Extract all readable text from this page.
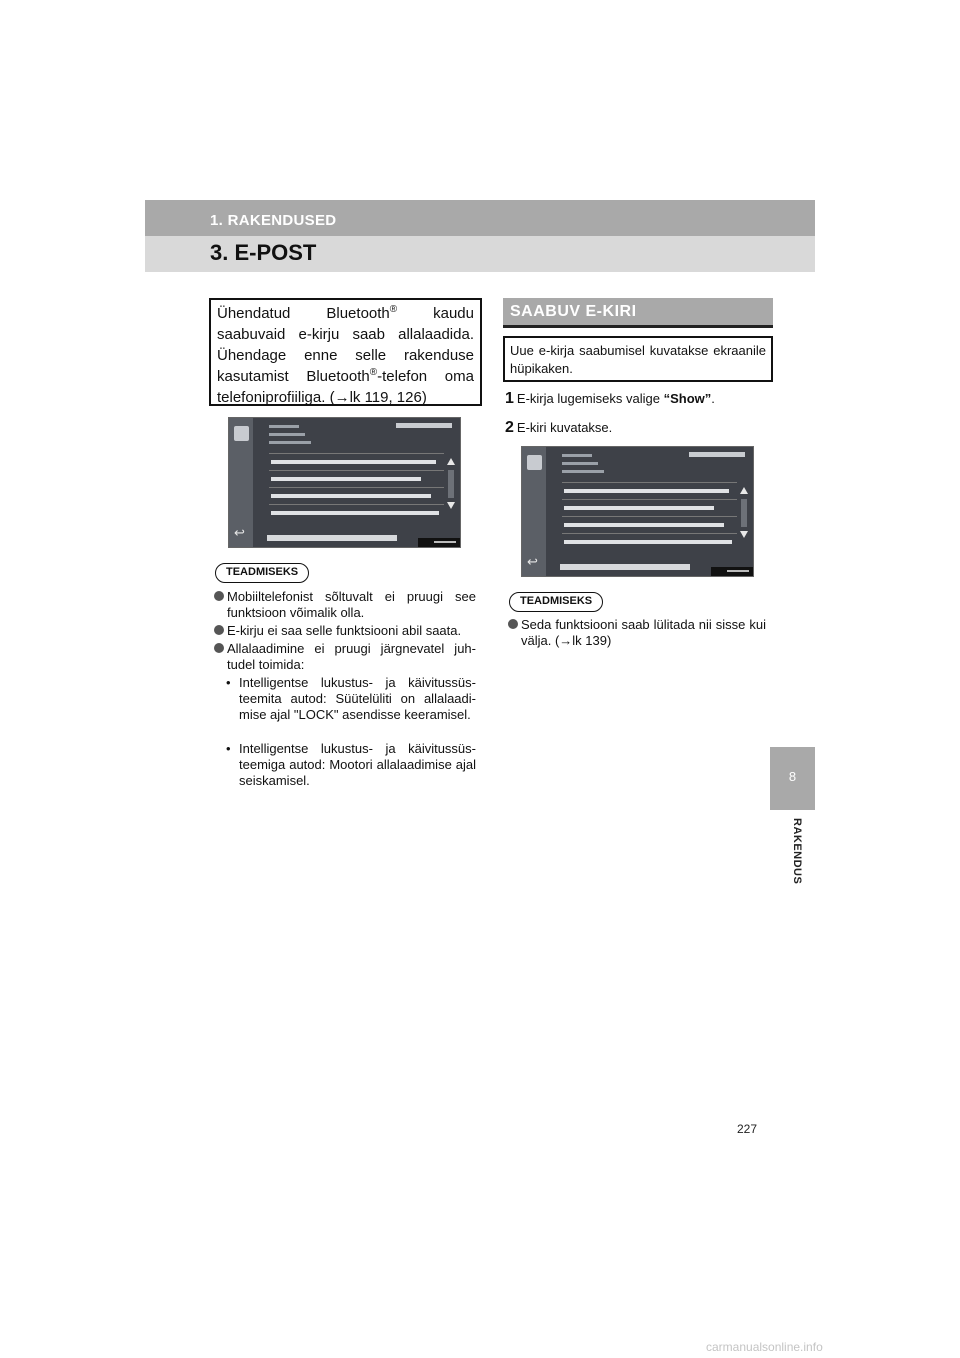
1. RAKENDUSED
3. E-POST
8
RAKENDUS
Ühendatud Bluetooth® kaudu saabuvaid e-kirju saab allalaadida. Ühendage enne selle rakenduse kasutamist Bluetooth®-telefon oma telefoniprofiiliga. (→lk 119, 126)
↩
TEADMISEKS
Mobiiltelefonist sõltuvalt ei pruugi see funktsioon võimalik olla.
E-kirju ei saa selle funktsiooni abil saata.
Allalaadimine ei pruugi järgnevatel juh- tudel toimida:
• Intelligentse lukustus- ja käivitussüs- teemita autod: Süütelüliti on allalaadi- mise ajal "LOCK" asendisse keeramisel.
• Intelligentse lukustus- ja käivitussüs- teemiga autod: Mootori allalaadimise ajal seiskamisel.
SAABUV E-KIRI
Uue e-kirja saabumisel kuvatakse ekraanile hüpikaken.
1 E-kirja lugemiseks valige “Show”.
2 E-kiri kuvatakse.
↩
TEADMISEKS
Seda funktsiooni saab lülitada nii sisse kui välja. (→lk 139)
227
carmanualsonline.info
